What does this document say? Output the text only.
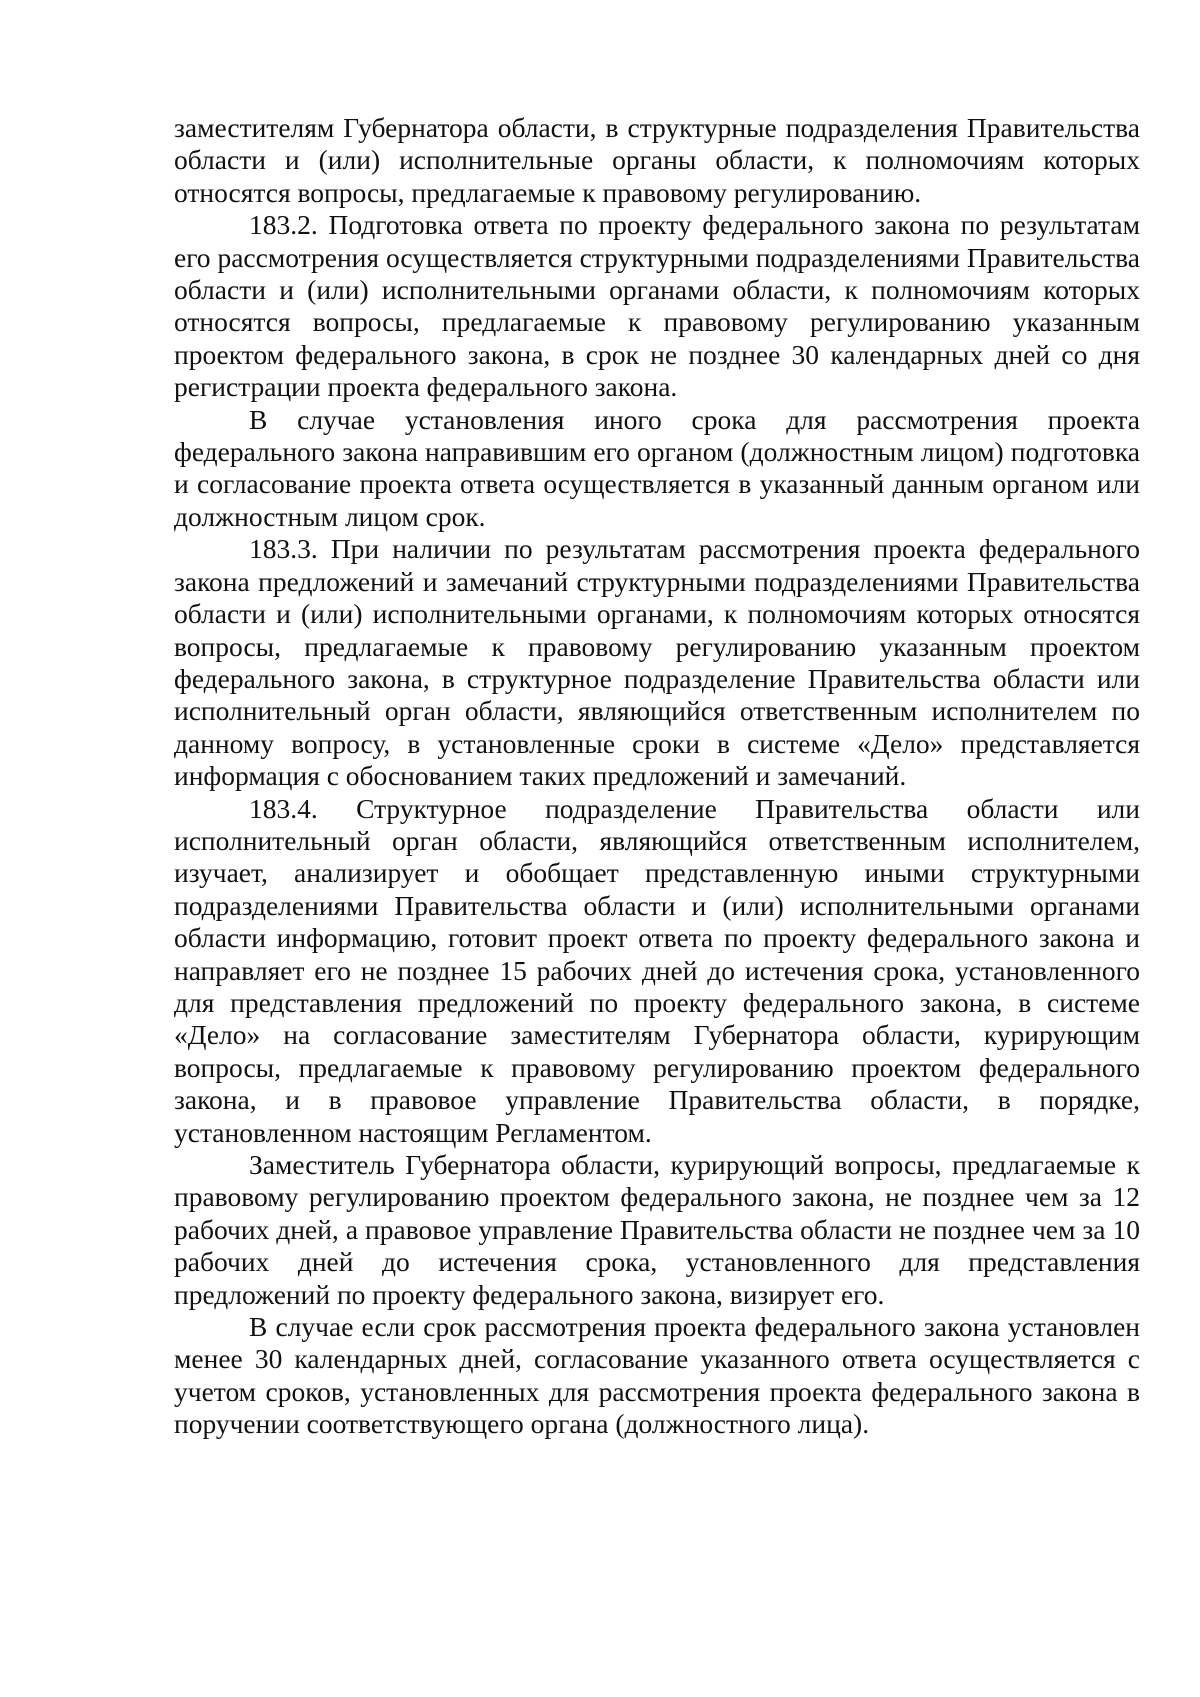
заместителям Губернатора области, в структурные подразделения Правительства области и (или) исполнительные органы области, к полномочиям которых относятся вопросы, предлагаемые к правовому регулированию.

183.2. Подготовка ответа по проекту федерального закона по результатам его рассмотрения осуществляется структурными подразделениями Правительства области и (или) исполнительными органами области, к полномочиям которых относятся вопросы, предлагаемые к правовому регулированию указанным проектом федерального закона, в срок не позднее 30 календарных дней со дня регистрации проекта федерального закона.

В случае установления иного срока для рассмотрения проекта федерального закона направившим его органом (должностным лицом) подготовка и согласование проекта ответа осуществляется в указанный данным органом или должностным лицом срок.

183.3. При наличии по результатам рассмотрения проекта федерального закона предложений и замечаний структурными подразделениями Правительства области и (или) исполнительными органами, к полномочиям которых относятся вопросы, предлагаемые к правовому регулированию указанным проектом федерального закона, в структурное подразделение Правительства области или исполнительный орган области, являющийся ответственным исполнителем по данному вопросу, в установленные сроки в системе «Дело» представляется информация с обоснованием таких предложений и замечаний.

183.4. Структурное подразделение Правительства области или исполнительный орган области, являющийся ответственным исполнителем, изучает, анализирует и обобщает представленную иными структурными подразделениями Правительства области и (или) исполнительными органами области информацию, готовит проект ответа по проекту федерального закона и направляет его не позднее 15 рабочих дней до истечения срока, установленного для представления предложений по проекту федерального закона, в системе «Дело» на согласование заместителям Губернатора области, курирующим вопросы, предлагаемые к правовому регулированию проектом федерального закона, и в правовое управление Правительства области, в порядке, установленном настоящим Регламентом.

Заместитель Губернатора области, курирующий вопросы, предлагаемые к правовому регулированию проектом федерального закона, не позднее чем за 12 рабочих дней, а правовое управление Правительства области не позднее чем за 10 рабочих дней до истечения срока, установленного для представления предложений по проекту федерального закона, визирует его.

В случае если срок рассмотрения проекта федерального закона установлен менее 30 календарных дней, согласование указанного ответа осуществляется с учетом сроков, установленных для рассмотрения проекта федерального закона в поручении соответствующего органа (должностного лица).
